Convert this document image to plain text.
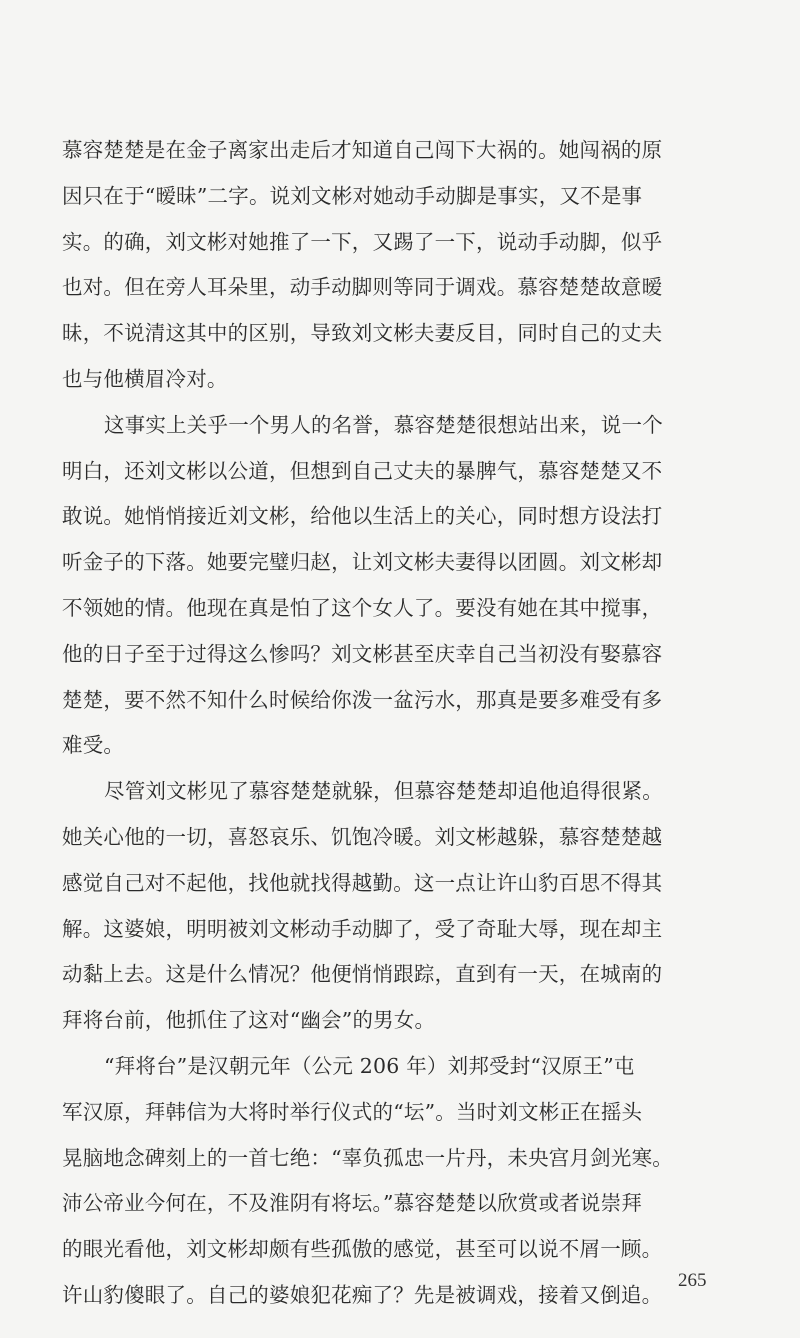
慕容楚楚是在金子离家出走后才知道自己闯下大祸的。她闯祸的原
因只在于“暧昧”二字。说刘文彬对她动手动脚是事实，又不是事
实。的确，刘文彬对她推了一下，又踢了一下，说动手动脚，似乎
也对。但在旁人耳朵里，动手动脚则等同于调戏。慕容楚楚故意暧
昧，不说清这其中的区别，导致刘文彬夫妻反目，同时自己的丈夫
也与他横眉冷对。
这事实上关乎一个男人的名誉，慕容楚楚很想站出来，说一个
明白，还刘文彬以公道，但想到自己丈夫的暴脾气，慕容楚楚又不
敢说。她悄悄接近刘文彬，给他以生活上的关心，同时想方设法打
听金子的下落。她要完璧归赵，让刘文彬夫妻得以团圆。刘文彬却
不领她的情。他现在真是怕了这个女人了。要没有她在其中搅事，
他的日子至于过得这么惨吗？刘文彬甚至庆幸自己当初没有娶慕容
楚楚，要不然不知什么时候给你泼一盆污水，那真是要多难受有多
难受。
尽管刘文彬见了慕容楚楚就躲，但慕容楚楚却追他追得很紧。
她关心他的一切，喜怒哀乐、饥饱冷暖。刘文彬越躲，慕容楚楚越
感觉自己对不起他，找他就找得越勤。这一点让许山豹百思不得其
解。这婆娘，明明被刘文彬动手动脚了，受了奇耻大辱，现在却主
动黏上去。这是什么情况？他便悄悄跟踪，直到有一天，在城南的
拜将台前，他抓住了这对“幽会”的男女。
“拜将台”是汉朝元年（公元 206 年）刘邦受封“汉原王”屯
军汉原，拜韩信为大将时举行仪式的“坛”。当时刘文彬正在摇头
晃脑地念碑刻上的一首七绝：“辜负孤忠一片丹，未央宫月剑光寒。
沛公帝业今何在，不及淮阴有将坛。”慕容楚楚以欣赏或者说崇拜
的眼光看他，刘文彬却颇有些孤傲的感觉，甚至可以说不屑一顾。
许山豹傻眼了。自己的婆娘犯花痴了？先是被调戏，接着又倒追。
265
